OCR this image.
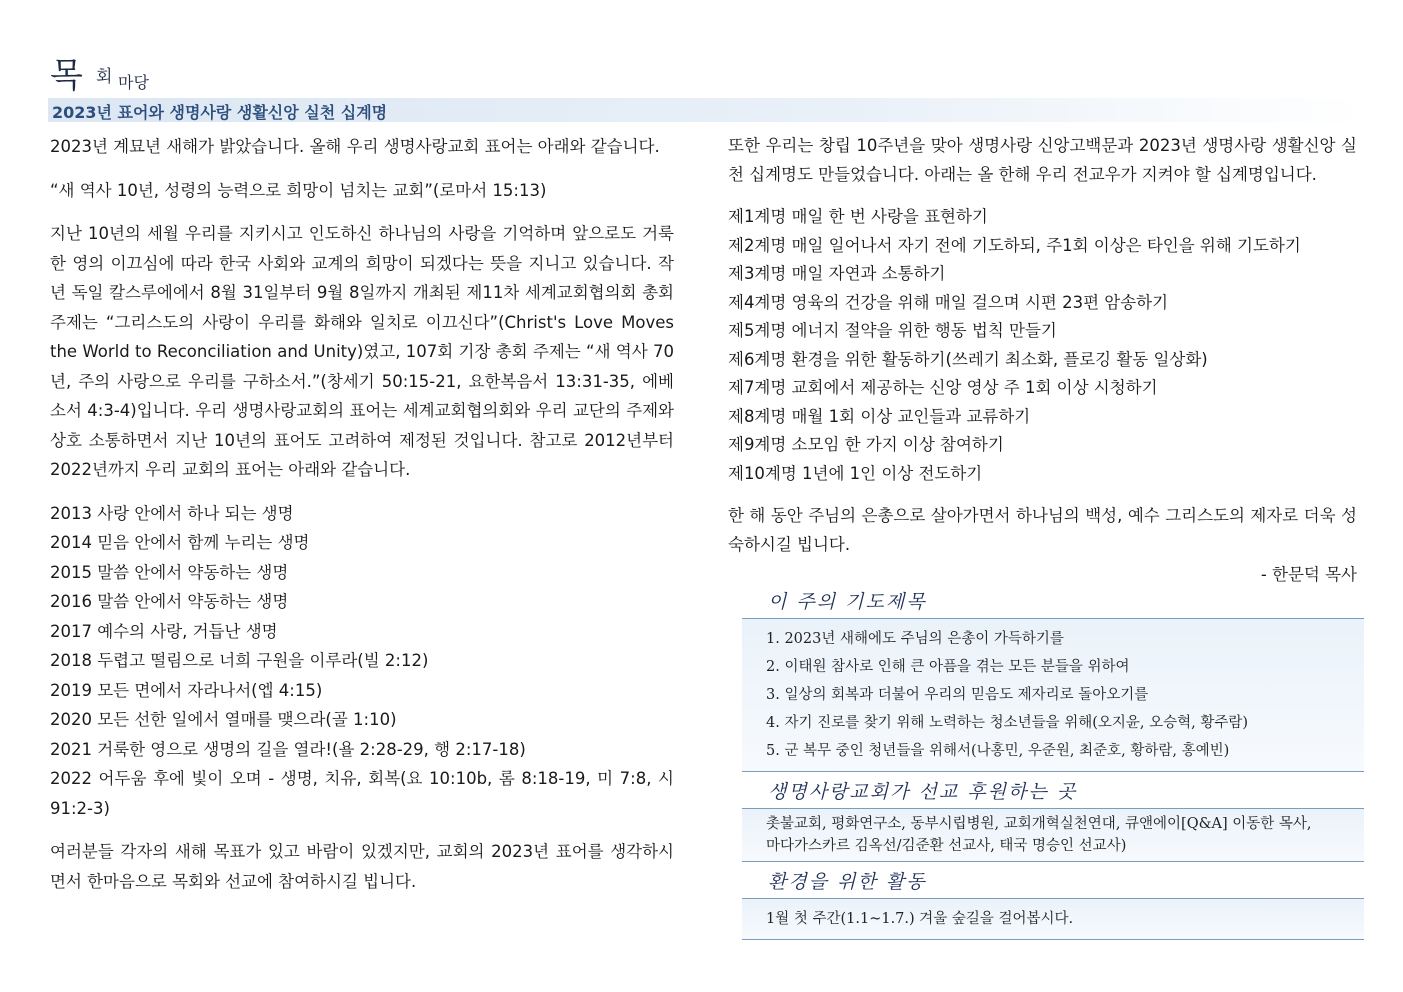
목 회 마당
2023년 표어와 생명사랑 생활신앙 실천 십계명

2023년 계묘년 새해가 밝았습니다. 올해 우리 생명사랑교회 표어는 아래와 같습니다.

“새 역사 10년, 성령의 능력으로 희망이 넘치는 교회”(로마서 15:13)

지난 10년의 세월 우리를 지키시고 인도하신 하나님의 사랑을 기억하며 앞으로도 거룩한 영의 이끄심에 따라 한국 사회와 교계의 희망이 되겠다는 뜻을 지니고 있습니다. 작년 독일 칼스루에에서 8월 31일부터 9월 8일까지 개최된 제11차 세계교회협의회 총회 주제는 “그리스도의 사랑이 우리를 화해와 일치로 이끄신다”(Christ's Love Moves the World to Reconciliation and Unity)였고, 107회 기장 총회 주제는 “새 역사 70년, 주의 사랑으로 우리를 구하소서.”(창세기 50:15-21, 요한복음서 13:31-35, 에베소서 4:3-4)입니다. 우리 생명사랑교회의 표어는 세계교회협의회와 우리 교단의 주제와 상호 소통하면서 지난 10년의 표어도 고려하여 제정된 것입니다. 참고로 2012년부터 2022년까지 우리 교회의 표어는 아래와 같습니다.

2013 사랑 안에서 하나 되는 생명
2014 믿음 안에서 함께 누리는 생명
2015 말씀 안에서 약동하는 생명
2016 말씀 안에서 약동하는 생명
2017 예수의 사랑, 거듭난 생명
2018 두렵고 떨림으로 너희 구원을 이루라(빌 2:12)
2019 모든 면에서 자라나서(엡 4:15)
2020 모든 선한 일에서 열매를 맺으라(골 1:10)
2021 거룩한 영으로 생명의 길을 열라!(욜 2:28-29, 행 2:17-18)
2022 어두움 후에 빛이 오며 - 생명, 치유, 회복(요 10:10b, 롬 8:18-19, 미 7:8, 시 91:2-3)

여러분들 각자의 새해 목표가 있고 바람이 있겠지만, 교회의 2023년 표어를 생각하시면서 한마음으로 목회와 선교에 참여하시길 빕니다.

또한 우리는 창립 10주년을 맞아 생명사랑 신앙고백문과 2023년 생명사랑 생활신앙 실천 십계명도 만들었습니다. 아래는 올 한해 우리 전교우가 지켜야 할 십계명입니다.

제1계명 매일 한 번 사랑을 표현하기
제2계명 매일 일어나서 자기 전에 기도하되, 주1회 이상은 타인을 위해 기도하기
제3계명 매일 자연과 소통하기
제4계명 영육의 건강을 위해 매일 걸으며 시편 23편 암송하기
제5계명 에너지 절약을 위한 행동 법칙 만들기
제6계명 환경을 위한 활동하기(쓰레기 최소화, 플로깅 활동 일상화)
제7계명 교회에서 제공하는 신앙 영상 주 1회 이상 시청하기
제8계명 매월 1회 이상 교인들과 교류하기
제9계명 소모임 한 가지 이상 참여하기
제10계명 1년에 1인 이상 전도하기

한 해 동안 주님의 은총으로 살아가면서 하나님의 백성, 예수 그리스도의 제자로 더욱 성숙하시길 빕니다.

- 한문덕 목사
이 주의 기도제목
1. 2023년 새해에도 주님의 은총이 가득하기를
2. 이태원 참사로 인해 큰 아픔을 겪는 모든 분들을 위하여
3. 일상의 회복과 더불어 우리의 믿음도 제자리로 돌아오기를
4. 자기 진로를 찾기 위해 노력하는 청소년들을 위해(오지윤, 오승혁, 황주람)
5. 군 복무 중인 청년들을 위해서(나홍민, 우준원, 최준호, 황하람, 홍예빈)
생명사랑교회가 선교 후원하는 곳
촛불교회, 평화연구소, 동부시립병원, 교회개혁실천연대, 큐앤에이[Q&A] 이동한 목사,
마다가스카르 김옥선/김준환 선교사, 태국 명승인 선교사)
환경을 위한 활동
1월 첫 주간(1.1~1.7.) 겨울 숲길을 걸어봅시다.
